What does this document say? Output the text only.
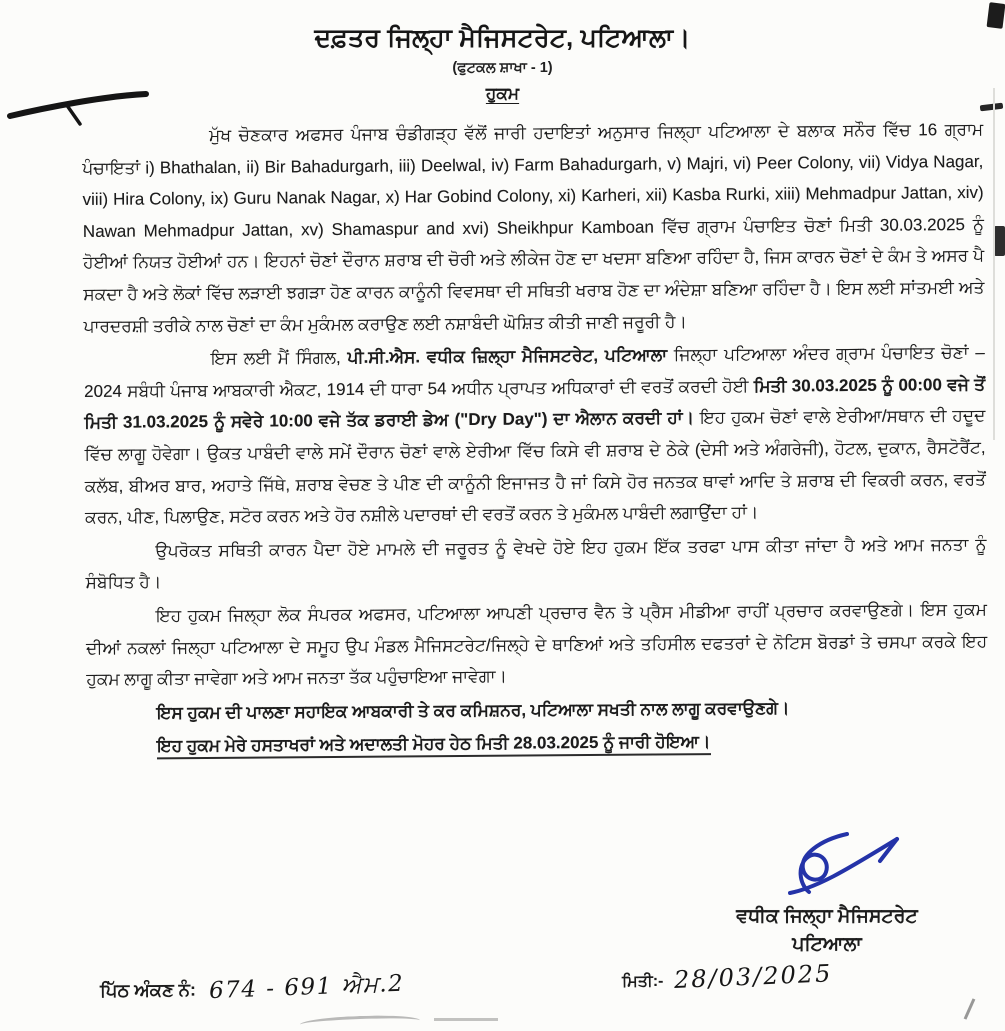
ਦਫ਼ਤਰ ਜਿਲ੍ਹਾ ਮੈਜਿਸਟਰੇਟ, ਪਟਿਆਲਾ।
(ਫੁਟਕਲ ਸ਼ਾਖਾ - 1)
ਹੁਕਮ

ਮੁੱਖ ਚੋਣਕਾਰ ਅਫਸਰ ਪੰਜਾਬ ਚੰਡੀਗੜ੍ਹ ਵੱਲੋਂ ਜਾਰੀ ਹਦਾਇਤਾਂ ਅਨੁਸਾਰ ਜਿਲ੍ਹਾ ਪਟਿਆਲਾ ਦੇ ਬਲਾਕ ਸਨੌਰ ਵਿੱਚ 16 ਗ੍ਰਾਮ ਪੰਚਾਇਤਾਂ i) Bhathalan, ii) Bir Bahadurgarh, iii) Deelwal, iv) Farm Bahadurgarh, v) Majri, vi) Peer Colony, vii) Vidya Nagar, viii) Hira Colony, ix) Guru Nanak Nagar, x) Har Gobind Colony, xi) Karheri, xii) Kasba Rurki, xiii) Mehmadpur Jattan, xiv) Nawan Mehmadpur Jattan, xv) Shamaspur and xvi) Sheikhpur Kamboan ਵਿੱਚ ਗ੍ਰਾਮ ਪੰਚਾਇਤ ਚੋਣਾਂ ਮਿਤੀ 30.03.2025 ਨੂੰ ਹੋਈਆਂ ਨਿਯਤ ਹੋਈਆਂ ਹਨ। ਇਹਨਾਂ ਚੋਣਾਂ ਦੌਰਾਨ ਸ਼ਰਾਬ ਦੀ ਚੋਰੀ ਅਤੇ ਲੀਕੇਜ ਹੋਣ ਦਾ ਖਦਸਾ ਬਣਿਆ ਰਹਿੰਦਾ ਹੈ, ਜਿਸ ਕਾਰਨ ਚੋਣਾਂ ਦੇ ਕੰਮ ਤੇ ਅਸਰ ਪੈ ਸਕਦਾ ਹੈ ਅਤੇ ਲੋਕਾਂ ਵਿੱਚ ਲੜਾਈ ਝਗੜਾ ਹੋਣ ਕਾਰਨ ਕਾਨੂੰਨੀ ਵਿਵਸਥਾ ਦੀ ਸਥਿਤੀ ਖਰਾਬ ਹੋਣ ਦਾ ਅੰਦੇਸ਼ਾ ਬਣਿਆ ਰਹਿੰਦਾ ਹੈ। ਇਸ ਲਈ ਸਾਂਤਮਈ ਅਤੇ ਪਾਰਦਰਸ਼ੀ ਤਰੀਕੇ ਨਾਲ ਚੋਣਾਂ ਦਾ ਕੰਮ ਮੁਕੰਮਲ ਕਰਾਉਣ ਲਈ ਨਸ਼ਾਬੰਦੀ ਘੋਸ਼ਿਤ ਕੀਤੀ ਜਾਣੀ ਜਰੂਰੀ ਹੈ।

ਇਸ ਲਈ ਮੈਂ ਸਿੰਗਲ, ਪੀ.ਸੀ.ਐਸ. ਵਧੀਕ ਜ਼ਿਲ੍ਹਾ ਮੈਜਿਸਟਰੇਟ, ਪਟਿਆਲਾ ਜਿਲ੍ਹਾ ਪਟਿਆਲਾ ਅੰਦਰ ਗ੍ਰਾਮ ਪੰਚਾਇਤ ਚੋਣਾਂ – 2024 ਸਬੰਧੀ ਪੰਜਾਬ ਆਬਕਾਰੀ ਐਕਟ, 1914 ਦੀ ਧਾਰਾ 54 ਅਧੀਨ ਪ੍ਰਾਪਤ ਅਧਿਕਾਰਾਂ ਦੀ ਵਰਤੋਂ ਕਰਦੀ ਹੋਈ ਮਿਤੀ 30.03.2025 ਨੂੰ 00:00 ਵਜੇ ਤੋਂ ਮਿਤੀ 31.03.2025 ਨੂੰ ਸਵੇਰੇ 10:00 ਵਜੇ ਤੱਕ ਡਰਾਈ ਡੇਅ ("Dry Day") ਦਾ ਐਲਾਨ ਕਰਦੀ ਹਾਂ। ਇਹ ਹੁਕਮ ਚੋਣਾਂ ਵਾਲੇ ਏਰੀਆ/ਸਥਾਨ ਦੀ ਹਦੂਦ ਵਿੱਚ ਲਾਗੂ ਹੋਵੇਗਾ। ਉਕਤ ਪਾਬੰਦੀ ਵਾਲੇ ਸਮੇਂ ਦੌਰਾਨ ਚੋਣਾਂ ਵਾਲੇ ਏਰੀਆ ਵਿੱਚ ਕਿਸੇ ਵੀ ਸ਼ਰਾਬ ਦੇ ਠੇਕੇ (ਦੇਸੀ ਅਤੇ ਅੰਗਰੇਜੀ), ਹੋਟਲ, ਦੁਕਾਨ, ਰੈਸਟੋਰੈਂਟ, ਕਲੱਬ, ਬੀਅਰ ਬਾਰ, ਅਹਾਤੇ ਜਿੱਥੇ, ਸ਼ਰਾਬ ਵੇਚਣ ਤੇ ਪੀਣ ਦੀ ਕਾਨੂੰਨੀ ਇਜਾਜਤ ਹੈ ਜਾਂ ਕਿਸੇ ਹੋਰ ਜਨਤਕ ਥਾਵਾਂ ਆਦਿ ਤੇ ਸ਼ਰਾਬ ਦੀ ਵਿਕਰੀ ਕਰਨ, ਵਰਤੋਂ ਕਰਨ, ਪੀਣ, ਪਿਲਾਉਣ, ਸਟੋਰ ਕਰਨ ਅਤੇ ਹੋਰ ਨਸ਼ੀਲੇ ਪਦਾਰਥਾਂ ਦੀ ਵਰਤੋਂ ਕਰਨ ਤੇ ਮੁਕੰਮਲ ਪਾਬੰਦੀ ਲਗਾਉਂਦਾ ਹਾਂ।

ਉਪਰੋਕਤ ਸਥਿਤੀ ਕਾਰਨ ਪੈਦਾ ਹੋਏ ਮਾਮਲੇ ਦੀ ਜਰੂਰਤ ਨੂੰ ਵੇਖਦੇ ਹੋਏ ਇਹ ਹੁਕਮ ਇੱਕ ਤਰਫਾ ਪਾਸ ਕੀਤਾ ਜਾਂਦਾ ਹੈ ਅਤੇ ਆਮ ਜਨਤਾ ਨੂੰ ਸੰਬੋਧਿਤ ਹੈ।

ਇਹ ਹੁਕਮ ਜਿਲ੍ਹਾ ਲੋਕ ਸੰਪਰਕ ਅਫਸਰ, ਪਟਿਆਲਾ ਆਪਣੀ ਪ੍ਰਚਾਰ ਵੈਨ ਤੇ ਪ੍ਰੈਸ ਮੀਡੀਆ ਰਾਹੀਂ ਪ੍ਰਚਾਰ ਕਰਵਾਉਣਗੇ। ਇਸ ਹੁਕਮ ਦੀਆਂ ਨਕਲਾਂ ਜਿਲ੍ਹਾ ਪਟਿਆਲਾ ਦੇ ਸਮੂਹ ਉਪ ਮੰਡਲ ਮੈਜਿਸਟਰੇਟ/ਜਿਲ੍ਹੇ ਦੇ ਥਾਣਿਆਂ ਅਤੇ ਤਹਿਸੀਲ ਦਫਤਰਾਂ ਦੇ ਨੋਟਿਸ ਬੋਰਡਾਂ ਤੇ ਚਸਪਾ ਕਰਕੇ ਇਹ ਹੁਕਮ ਲਾਗੂ ਕੀਤਾ ਜਾਵੇਗਾ ਅਤੇ ਆਮ ਜਨਤਾ ਤੱਕ ਪਹੁੰਚਾਇਆ ਜਾਵੇਗਾ।

ਇਸ ਹੁਕਮ ਦੀ ਪਾਲਣਾ ਸਹਾਇਕ ਆਬਕਾਰੀ ਤੇ ਕਰ ਕਮਿਸ਼ਨਰ, ਪਟਿਆਲਾ ਸਖਤੀ ਨਾਲ ਲਾਗੂ ਕਰਵਾਉਣਗੇ।

ਇਹ ਹੁਕਮ ਮੇਰੇ ਹਸਤਾਖਰਾਂ ਅਤੇ ਅਦਾਲਤੀ ਮੋਹਰ ਹੇਠ ਮਿਤੀ 28.03.2025 ਨੂੰ ਜਾਰੀ ਹੋਇਆ।

ਵਧੀਕ ਜਿਲ੍ਹਾ ਮੈਜਿਸਟਰੇਟ
ਪਟਿਆਲਾ
ਪਿੱਠ ਅੰਕਣ ਨੰ: 674 - 691 ਐਮ.2	ਮਿਤੀ:- 28/03/2025
